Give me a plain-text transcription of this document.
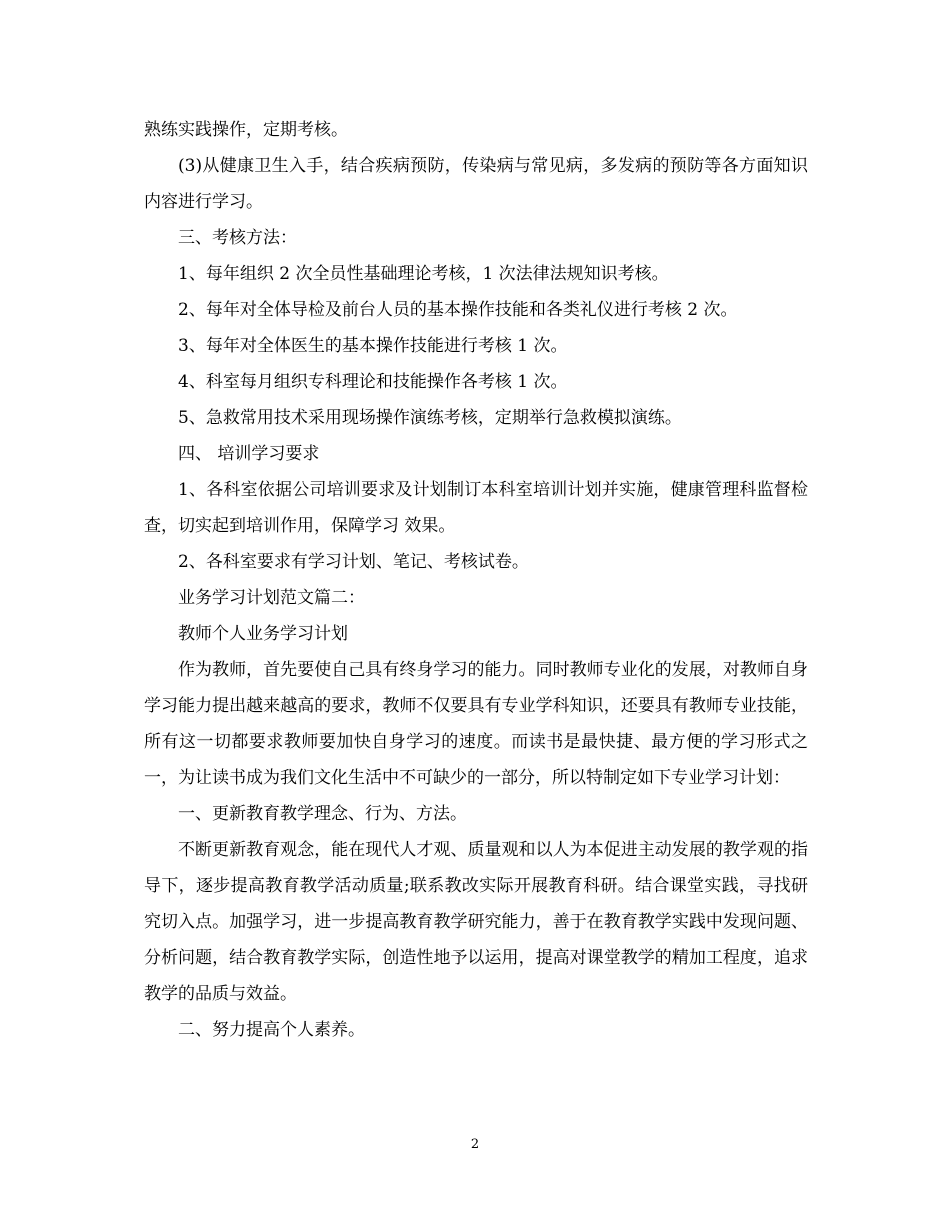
熟练实践操作，定期考核。

(3)从健康卫生入手，结合疾病预防，传染病与常见病，多发病的预防等各方面知识内容进行学习。

三、考核方法：

1、每年组织 2 次全员性基础理论考核，1 次法律法规知识考核。

2、每年对全体导检及前台人员的基本操作技能和各类礼仪进行考核 2 次。

3、每年对全体医生的基本操作技能进行考核 1 次。

4、科室每月组织专科理论和技能操作各考核 1 次。

5、急救常用技术采用现场操作演练考核，定期举行急救模拟演练。

四、 培训学习要求

1、各科室依据公司培训要求及计划制订本科室培训计划并实施，健康管理科监督检查，切实起到培训作用，保障学习 效果。

2、各科室要求有学习计划、笔记、考核试卷。

业务学习计划范文篇二：

教师个人业务学习计划

作为教师，首先要使自己具有终身学习的能力。同时教师专业化的发展，对教师自身学习能力提出越来越高的要求，教师不仅要具有专业学科知识，还要具有教师专业技能，所有这一切都要求教师要加快自身学习的速度。而读书是最快捷、最方便的学习形式之一，为让读书成为我们文化生活中不可缺少的一部分，所以特制定如下专业学习计划：

一、更新教育教学理念、行为、方法。

不断更新教育观念，能在现代人才观、质量观和以人为本促进主动发展的教学观的指导下，逐步提高教育教学活动质量;联系教改实际开展教育科研。结合课堂实践，寻找研究切入点。加强学习，进一步提高教育教学研究能力，善于在教育教学实践中发现问题、分析问题，结合教育教学实际，创造性地予以运用，提高对课堂教学的精加工程度，追求教学的品质与效益。

二、努力提高个人素养。

2
